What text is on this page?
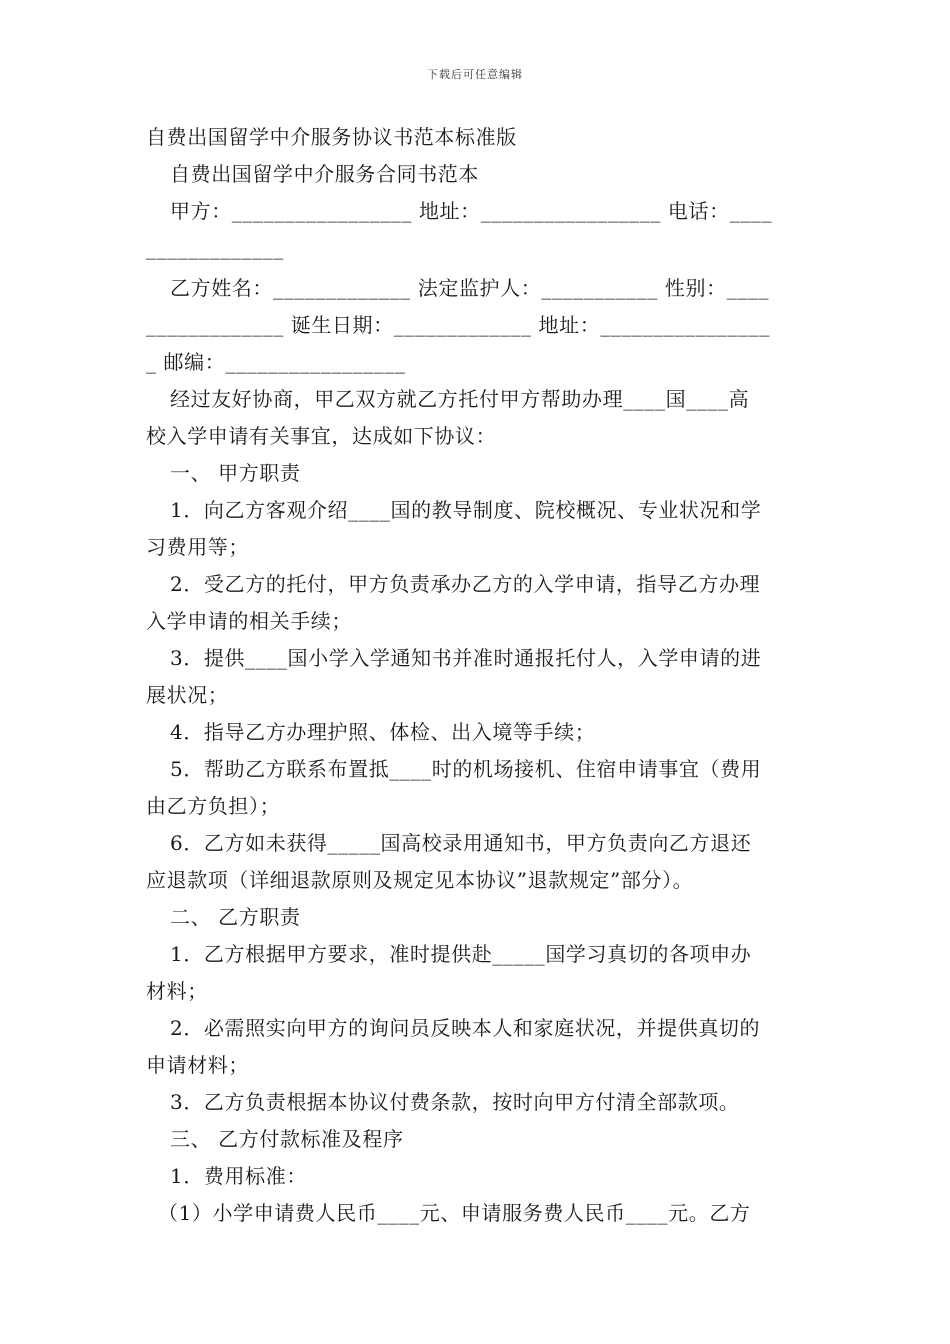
下载后可任意编辑
自费出国留学中介服务协议书范本标准版
自费出国留学中介服务合同书范本
甲方：_________________ 地址：_________________ 电话：____
_____________
乙方姓名：_____________ 法定监护人：___________ 性别：____
_____________ 诞生日期：_____________ 地址：________________
_ 邮编：_________________
经过友好协商，甲乙双方就乙方托付甲方帮助办理____国____高
校入学申请有关事宜，达成如下协议：
一、 甲方职责
1．向乙方客观介绍____国的教导制度、院校概况、专业状况和学
习费用等；
2．受乙方的托付，甲方负责承办乙方的入学申请，指导乙方办理
入学申请的相关手续；
3．提供____国小学入学通知书并准时通报托付人，入学申请的进
展状况；
4．指导乙方办理护照、体检、出入境等手续；
5．帮助乙方联系布置抵____时的机场接机、住宿申请事宜（费用
由乙方负担）；
6．乙方如未获得_____国高校录用通知书，甲方负责向乙方退还
应退款项（详细退款原则及规定见本协议”退款规定”部分）。
二、 乙方职责
1．乙方根据甲方要求，准时提供赴_____国学习真切的各项申办
材料；
2．必需照实向甲方的询问员反映本人和家庭状况，并提供真切的
申请材料；
3．乙方负责根据本协议付费条款，按时向甲方付清全部款项。
三、 乙方付款标准及程序
1．费用标准：
（1）小学申请费人民币____元、申请服务费人民币____元。乙方
